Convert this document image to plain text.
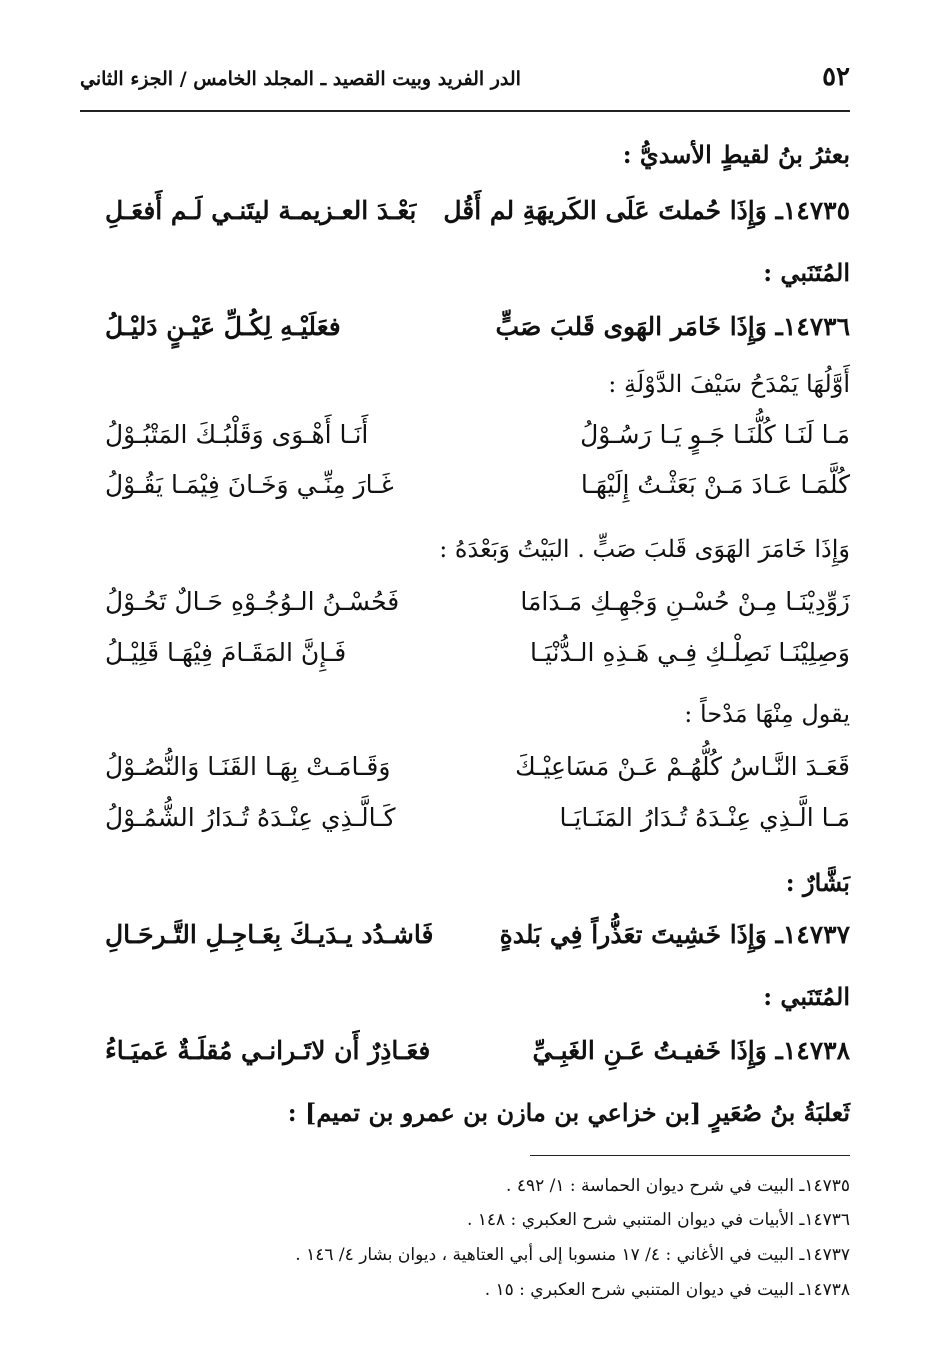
٥٢
الدر الفريد وبيت القصيد ـ المجلد الخامس / الجزء الثاني
بعثرُ بنُ لقيطٍ الأسديُّ :
١٤٧٣٥ـ وَإِذَا حُملتَ عَلَى الكَريهَةِ لم أَقُل
بَعْـدَ العـزيمـة ليتَنـي لَـم أَفعَـلِ
المُتَنَبي :
١٤٧٣٦ـ وَإِذَا خَامَر الهَوى قَلبَ صَبٍّ
فعَلَيْـهِ لِكُـلِّ عَيْـنٍ دَليْـلُ
أَوَّلُهَا يَمْدَحُ سَيْفَ الدَّوْلَةِ :
مَـا لَنَـا كُلُّنَـا جَـوٍ يَـا رَسُـوْلُ
أَنَـا أَهْـوَى وَقَلْبُـكَ المَتْبُـوْلُ
كُلَّمَـا عَـادَ مَـنْ بَعَثْـتُ إِلَيْهَـا
غَـارَ مِنِّـي وَخَـانَ فِيْمَـا يَقُـوْلُ
وَإِذَا خَامَرَ الهَوَى قَلبَ صَبٍّ . البَيْتُ وَبَعْدَهُ :
زَوِّدِيْنَـا مِـنْ حُسْـنِ وَجْهِـكِ مَـدَامَا
فَحُسْـنُ الـوُجُـوْهِ حَـالٌ تَحُـوْلُ
وَصِلِيْنَـا نَصِلْـكِ فِـي هَـذِهِ الـدُّنْيَـا
فَـإِنَّ المَقَـامَ فِيْهَـا قَلِيْـلُ
يقول مِنْهَا مَدْحاً :
قَعَـدَ النَّـاسُ كُلُّهُـمْ عَـنْ مَسَاعِيْـكَ
وَقَـامَـتْ بِهَـا القَنَـا وَالنُّصُـوْلُ
مَـا الَّـذِي عِنْـدَهُ تُـدَارُ المَنَـايَـا
كَـالَّـذِي عِنْـدَهُ تُـدَارُ الشُّمُـوْلُ
بَشَّارٌ :
١٤٧٣٧ـ وَإِذَا خَشِيتَ تعَذُّراً فِي بَلدةٍ
فَاشـدُد يـدَيـكَ بِعَـاجِـلِ التَّـرحَـالِ
المُتَنَبي :
١٤٧٣٨ـ وَإِذَا خَفيـتُ عَـنِ الغَبِـيِّ
فعَـاذِرٌ أَن لاتَـرانـي مُقلَـةٌ عَميَـاءُ
ثَعلبَةُ بنُ صُعَيرٍ [بن خزاعي بن مازن بن عمرو بن تميم] :
١٤٧٣٥ـ البيت في شرح ديوان الحماسة : ١/ ٤٩٢ .
١٤٧٣٦ـ الأبيات في ديوان المتنبي شرح العكبري : ١٤٨ .
١٤٧٣٧ـ البيت في الأغاني : ٤/ ١٧ منسوبا إلى أبي العتاهية ، ديوان بشار ٤/ ١٤٦ .
١٤٧٣٨ـ البيت في ديوان المتنبي شرح العكبري : ١٥ .
